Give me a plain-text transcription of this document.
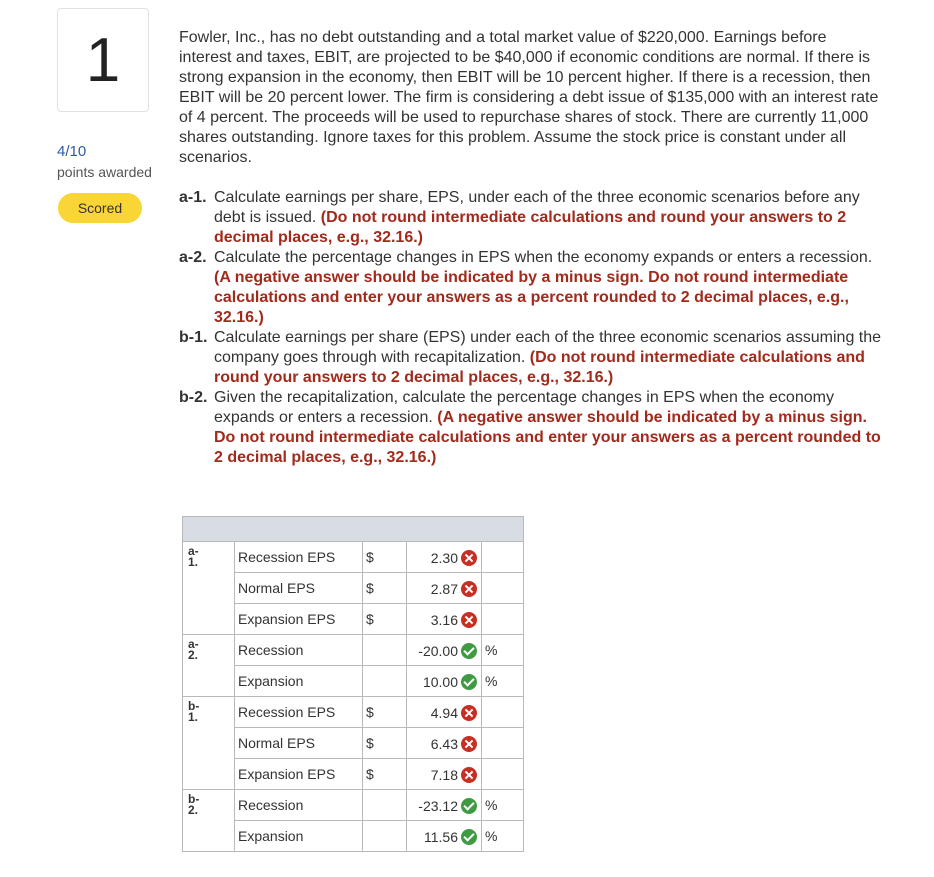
1
4/10
points awarded
Scored
Fowler, Inc., has no debt outstanding and a total market value of $220,000. Earnings before interest and taxes, EBIT, are projected to be $40,000 if economic conditions are normal. If there is strong expansion in the economy, then EBIT will be 10 percent higher. If there is a recession, then EBIT will be 20 percent lower. The firm is considering a debt issue of $135,000 with an interest rate of 4 percent. The proceeds will be used to repurchase shares of stock. There are currently 11,000 shares outstanding. Ignore taxes for this problem. Assume the stock price is constant under all scenarios.
a-1. Calculate earnings per share, EPS, under each of the three economic scenarios before any debt is issued. (Do not round intermediate calculations and round your answers to 2 decimal places, e.g., 32.16.)
a-2. Calculate the percentage changes in EPS when the economy expands or enters a recession. (A negative answer should be indicated by a minus sign. Do not round intermediate calculations and enter your answers as a percent rounded to 2 decimal places, e.g., 32.16.)
b-1. Calculate earnings per share (EPS) under each of the three economic scenarios assuming the company goes through with recapitalization. (Do not round intermediate calculations and round your answers to 2 decimal places, e.g., 32.16.)
b-2. Given the recapitalization, calculate the percentage changes in EPS when the economy expands or enters a recession. (A negative answer should be indicated by a minus sign. Do not round intermediate calculations and enter your answers as a percent rounded to 2 decimal places, e.g., 32.16.)

a-
1.	Recession EPS	$	2.30	
	Normal EPS	$	2.87	
	Expansion EPS	$	3.16	
a-
2.	Recession		-20.00	%
	Expansion		10.00	%
b-
1.	Recession EPS	$	4.94	
	Normal EPS	$	6.43	
	Expansion EPS	$	7.18	
b-
2.	Recession		-23.12	%
	Expansion		11.56	%
